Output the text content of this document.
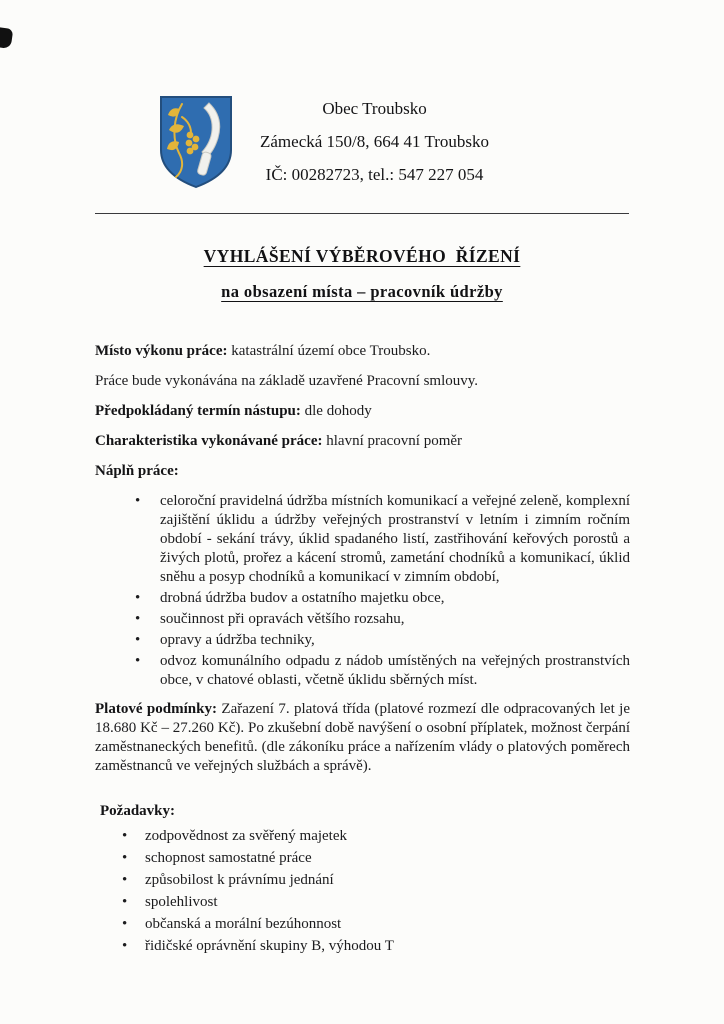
Obec Troubsko
Zámecká 150/8, 664 41 Troubsko
IČ: 00282723, tel.: 547 227 054
VYHLÁŠENÍ VÝBĚROVÉHO  ŘÍZENÍ
na obsazení místa – pracovník údržby

Místo výkonu práce: katastrální území obce Troubsko.

Práce bude vykonávána na základě uzavřené Pracovní smlouvy.

Předpokládaný termín nástupu: dle dohody

Charakteristika vykonávané práce: hlavní pracovní poměr

Náplň práce:

•	celoroční pravidelná údržba místních komunikací a veřejné zeleně, komplexní zajištění úklidu a údržby veřejných prostranství v letním i zimním ročním období - sekání trávy, úklid spadaného listí, zastřihování keřových porostů a živých plotů, prořez a kácení stromů, zametání chodníků a komunikací, úklid sněhu a posyp chodníků a komunikací v zimním období,
•	drobná údržba budov a ostatního majetku obce,
•	součinnost při opravách většího rozsahu,
•	opravy a údržba techniky,
•	odvoz komunálního odpadu z nádob umístěných na veřejných prostranstvích obce, v chatové oblasti, včetně úklidu sběrných míst.

Platové podmínky: Zařazení 7. platová třída (platové rozmezí dle odpracovaných let je 18.680 Kč – 27.260 Kč). Po zkušební době navýšení o osobní příplatek, možnost čerpání zaměstnaneckých benefitů. (dle zákoníku práce a nařízením vlády o platových poměrech zaměstnanců ve veřejných službách a správě).

Požadavky:

•	zodpovědnost za svěřený majetek
•	schopnost samostatné práce
•	způsobilost k právnímu jednání
•	spolehlivost
•	občanská a morální bezúhonnost
•	řidičské oprávnění skupiny B, výhodou T
